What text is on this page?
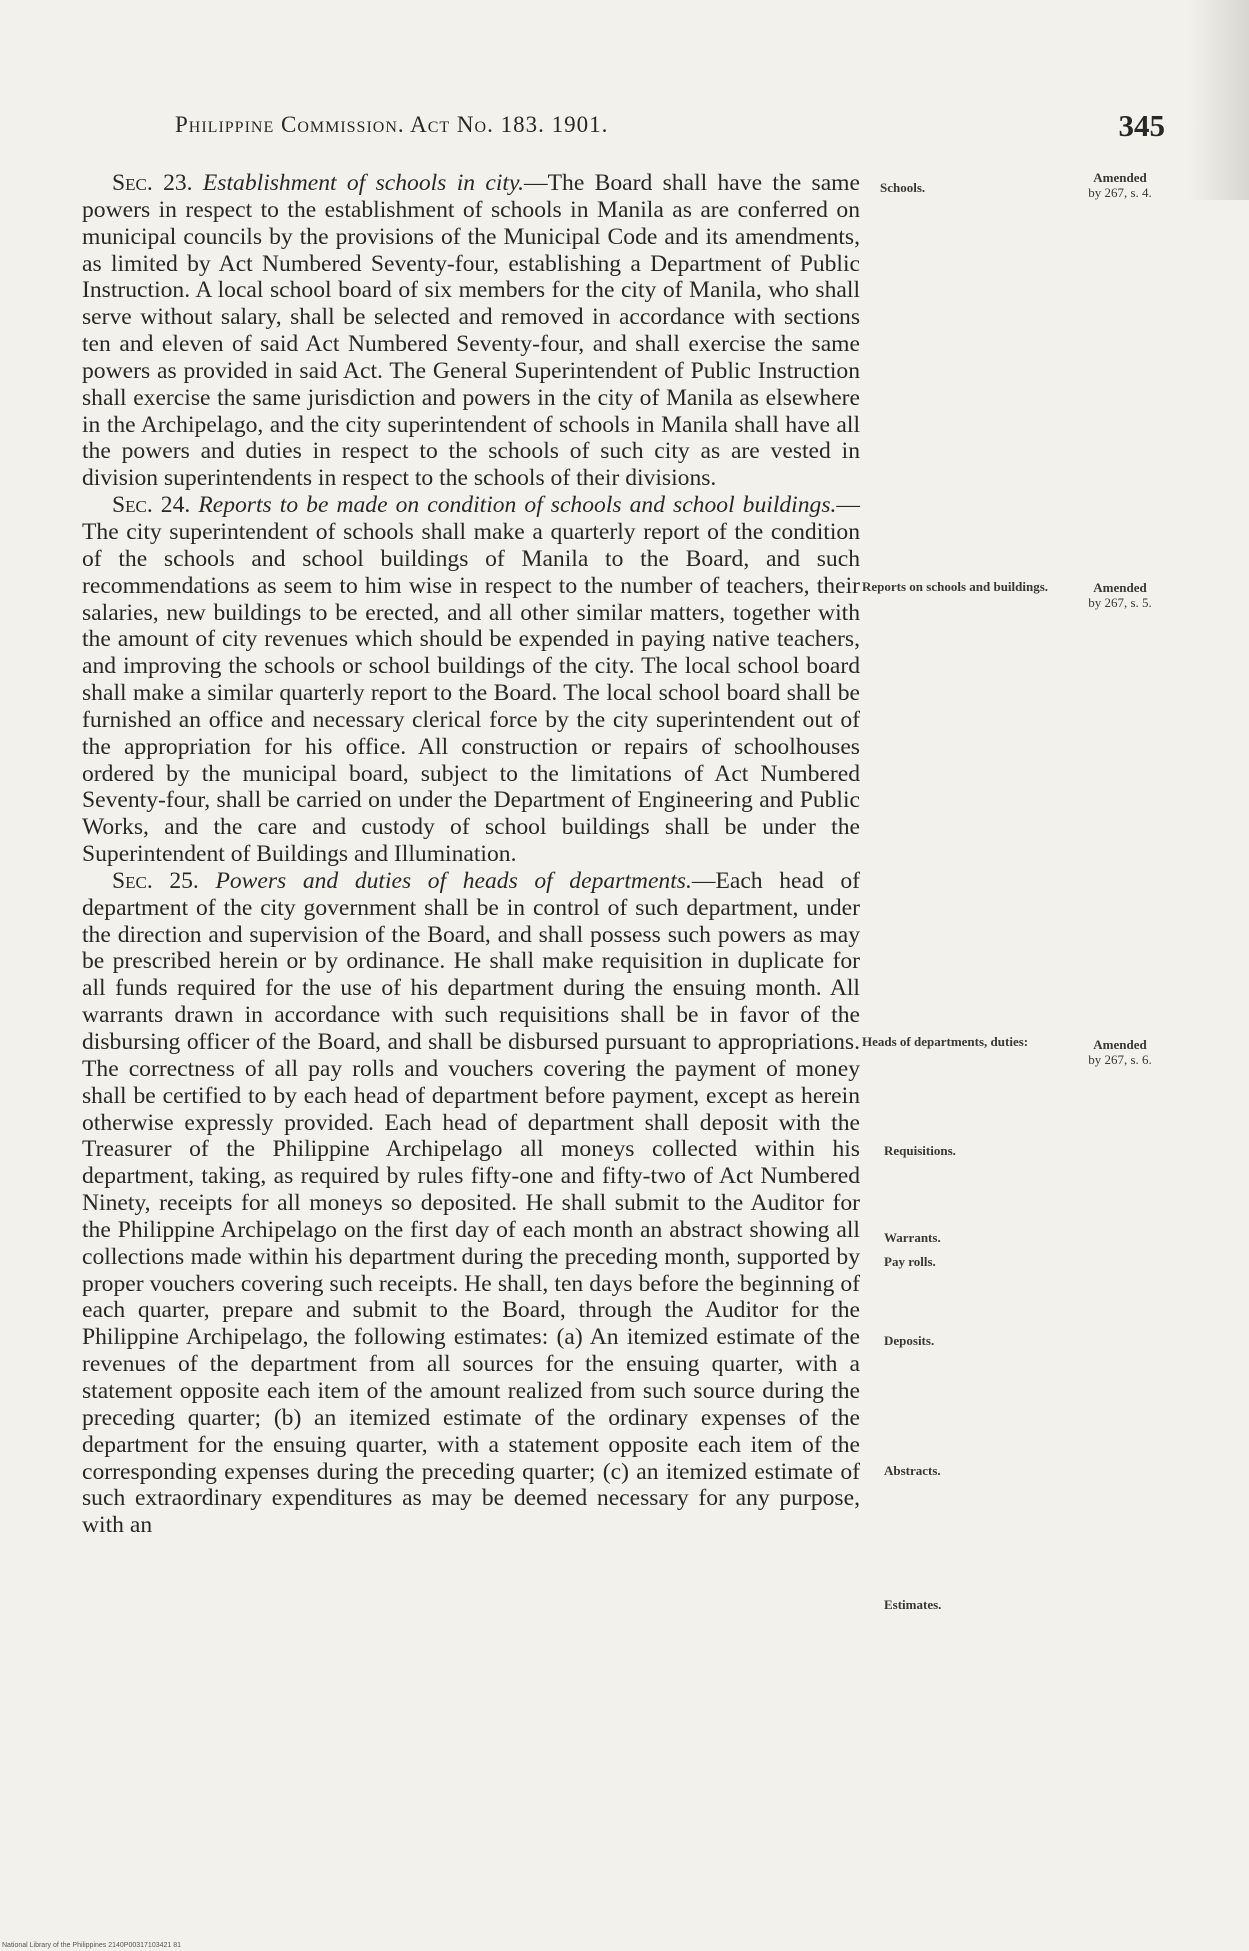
Philippine Commission. Act No. 183. 1901.	345

Sec. 23. Establishment of schools in city.—The Board shall have the same powers in respect to the establishment of schools in Manila as are conferred on municipal councils by the provisions of the Municipal Code and its amendments, as limited by Act Numbered Seventy-four, establishing a Department of Public Instruction. A local school board of six members for the city of Manila, who shall serve without salary, shall be selected and removed in accordance with sections ten and eleven of said Act Numbered Seventy-four, and shall exercise the same powers as provided in said Act. The General Superintendent of Public Instruction shall exercise the same jurisdiction and powers in the city of Manila as elsewhere in the Archipelago, and the city superintendent of schools in Manila shall have all the powers and duties in respect to the schools of such city as are vested in division superintendents in respect to the schools of their divisions.

Sec. 24. Reports to be made on condition of schools and school buildings.—The city superintendent of schools shall make a quarterly report of the condition of the schools and school buildings of Manila to the Board, and such recommendations as seem to him wise in respect to the number of teachers, their salaries, new buildings to be erected, and all other similar matters, together with the amount of city revenues which should be expended in paying native teachers, and improving the schools or school buildings of the city. The local school board shall make a similar quarterly report to the Board. The local school board shall be furnished an office and necessary clerical force by the city superintendent out of the appropriation for his office. All construction or repairs of schoolhouses ordered by the municipal board, subject to the limitations of Act Numbered Seventy-four, shall be carried on under the Department of Engineering and Public Works, and the care and custody of school buildings shall be under the Superintendent of Buildings and Illumination.

Sec. 25. Powers and duties of heads of departments.—Each head of department of the city government shall be in control of such department, under the direction and supervision of the Board, and shall possess such powers as may be prescribed herein or by ordinance. He shall make requisition in duplicate for all funds required for the use of his department during the ensuing month. All warrants drawn in accordance with such requisitions shall be in favor of the disbursing officer of the Board, and shall be disbursed pursuant to appropriations. The correctness of all pay rolls and vouchers covering the payment of money shall be certified to by each head of department before payment, except as herein otherwise expressly provided. Each head of department shall deposit with the Treasurer of the Philippine Archipelago all moneys collected within his department, taking, as required by rules fifty-one and fifty-two of Act Numbered Ninety, receipts for all moneys so deposited. He shall submit to the Auditor for the Philippine Archipelago on the first day of each month an abstract showing all collections made within his department during the preceding month, supported by proper vouchers covering such receipts. He shall, ten days before the beginning of each quarter, prepare and submit to the Board, through the Auditor for the Philippine Archipelago, the following estimates: (a) An itemized estimate of the revenues of the department from all sources for the ensuing quarter, with a statement opposite each item of the amount realized from such source during the preceding quarter; (b) an itemized estimate of the ordinary expenses of the department for the ensuing quarter, with a statement opposite each item of the corresponding expenses during the preceding quarter; (c) an itemized estimate of such extraordinary expenditures as may be deemed necessary for any purpose, with an

Schools.
Reports on schools and buildings.
Heads of departments, duties:
Requisitions.
Warrants.
Pay rolls.
Deposits.
Abstracts.
Estimates.
Amended
by 267, s. 4.
Amended
by 267, s. 5.
Amended
by 267, s. 6.
National Library of the Philippines 2140P00317103421 81
